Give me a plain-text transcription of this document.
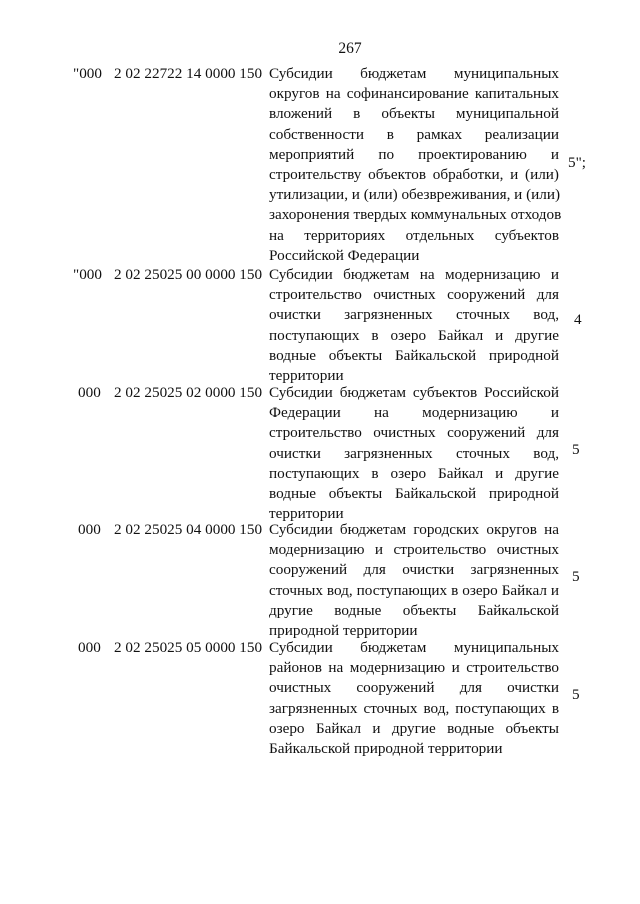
267
"000 2 02 22722 14 0000 150 Субсидии бюджетам муниципальных
округов на софинансирование капитальных
вложений в объекты муниципальной
собственности в рамках реализации
мероприятий по проектированию и
строительству объектов обработки, и (или)
утилизации, и (или) обезвреживания, и (или)
захоронения твердых коммунальных отходов
на территориях отдельных субъектов
Российской Федерации
5";
"000 2 02 25025 00 0000 150 Субсидии бюджетам на модернизацию и
строительство очистных сооружений для
очистки загрязненных сточных вод,
поступающих в озеро Байкал и другие
водные объекты Байкальской природной
территории
4
000 2 02 25025 02 0000 150 Субсидии бюджетам субъектов Российской
Федерации на модернизацию и
строительство очистных сооружений для
очистки загрязненных сточных вод,
поступающих в озеро Байкал и другие
водные объекты Байкальской природной
территории
5
000 2 02 25025 04 0000 150 Субсидии бюджетам городских округов на
модернизацию и строительство очистных
сооружений для очистки загрязненных
сточных вод, поступающих в озеро Байкал и
другие водные объекты Байкальской
природной территории
5
000 2 02 25025 05 0000 150 Субсидии бюджетам муниципальных
районов на модернизацию и строительство
очистных сооружений для очистки
загрязненных сточных вод, поступающих в
озеро Байкал и другие водные объекты
Байкальской природной территории
5
